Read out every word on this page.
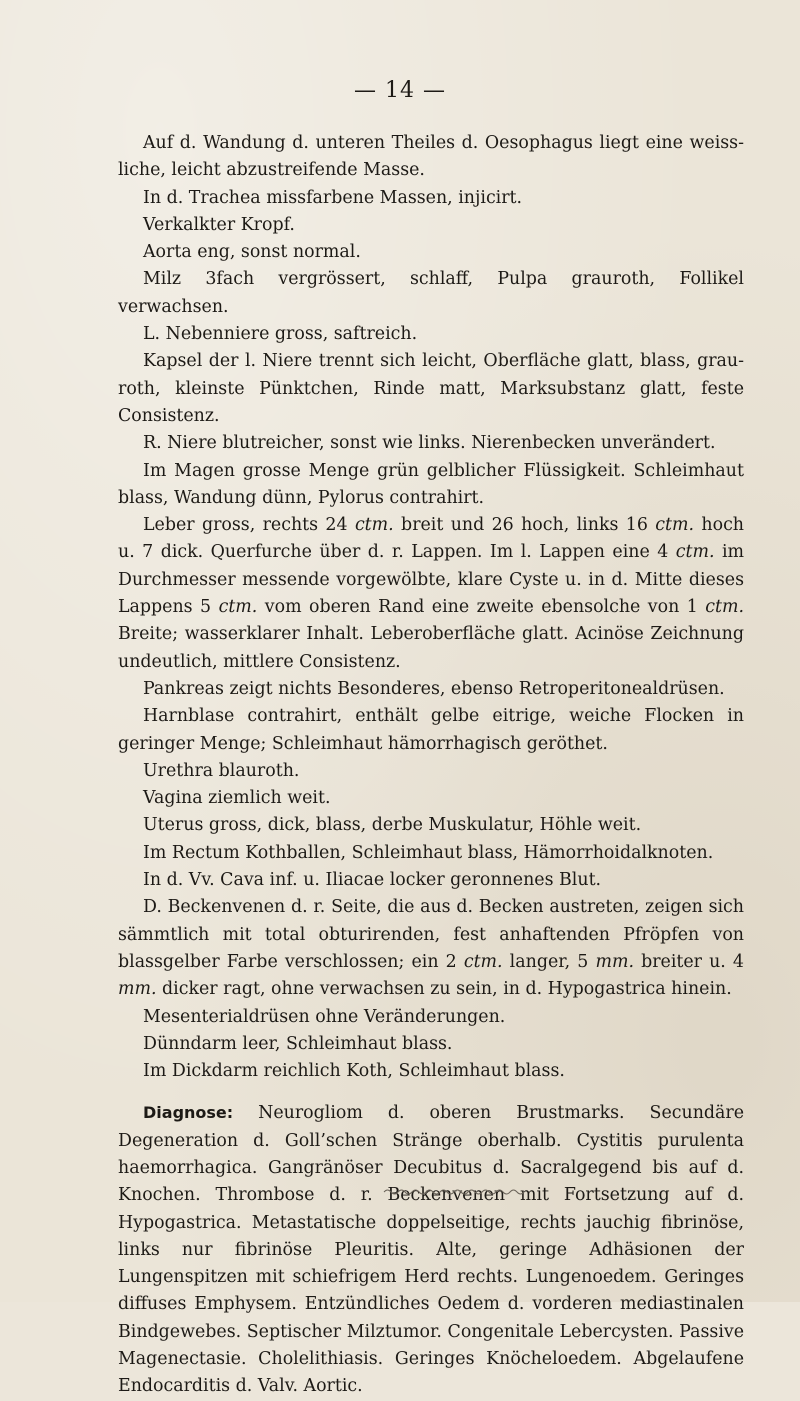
— 14 —

Auf d. Wandung d. unteren Theiles d. Oesophagus liegt eine weissliche, leicht abzustreifende Masse.

In d. Trachea missfarbene Massen, injicirt.

Verkalkter Kropf.

Aorta eng, sonst normal.

Milz 3fach vergrössert, schlaff, Pulpa grauroth, Follikel verwachsen.

L. Nebenniere gross, saftreich.

Kapsel der l. Niere trennt sich leicht, Oberfläche glatt, blass, grauroth, kleinste Pünktchen, Rinde matt, Marksubstanz glatt, feste Consistenz.

R. Niere blutreicher, sonst wie links. Nierenbecken unverändert.

Im Magen grosse Menge grün gelblicher Flüssigkeit. Schleimhaut blass, Wandung dünn, Pylorus contrahirt.

Leber gross, rechts 24 ctm. breit und 26 hoch, links 16 ctm. hoch u. 7 dick. Querfurche über d. r. Lappen. Im l. Lappen eine 4 ctm. im Durchmesser messende vorgewölbte, klare Cyste u. in d. Mitte dieses Lappens 5 ctm. vom oberen Rand eine zweite ebensolche von 1 ctm. Breite; wasserklarer Inhalt. Leberoberfläche glatt. Acinöse Zeichnung undeutlich, mittlere Consistenz.

Pankreas zeigt nichts Besonderes, ebenso Retroperitonealdrüsen.

Harnblase contrahirt, enthält gelbe eitrige, weiche Flocken in geringer Menge; Schleimhaut hämorrhagisch geröthet.

Urethra blauroth.

Vagina ziemlich weit.

Uterus gross, dick, blass, derbe Muskulatur, Höhle weit.

Im Rectum Kothballen, Schleimhaut blass, Hämorrhoidalknoten.

In d. Vv. Cava inf. u. Iliacae locker geronnenes Blut.

D. Beckenvenen d. r. Seite, die aus d. Becken austreten, zeigen sich sämmtlich mit total obturirenden, fest anhaftenden Pfröpfen von blassgelber Farbe verschlossen; ein 2 ctm. langer, 5 mm. breiter u. 4 mm. dicker ragt, ohne verwachsen zu sein, in d. Hypogastrica hinein.

Mesenterialdrüsen ohne Veränderungen.

Dünndarm leer, Schleimhaut blass.

Im Dickdarm reichlich Koth, Schleimhaut blass.

Diagnose: Neurogliom d. oberen Brustmarks. Secundäre Degeneration d. Goll’schen Stränge oberhalb. Cystitis purulenta haemorrhagica. Gangränöser Decubitus d. Sacralgegend bis auf d. Knochen. Thrombose d. r. Beckenvenen mit Fortsetzung auf d. Hypogastrica. Metastatische doppelseitige, rechts jauchig fibrinöse, links nur fibrinöse Pleuritis. Alte, geringe Adhäsionen der Lungenspitzen mit schiefrigem Herd rechts. Lungenoedem. Geringes diffuses Emphysem. Entzündliches Oedem d. vorderen mediastinalen Bindgewebes. Septischer Milztumor. Congenitale Lebercysten. Passive Magenectasie. Cholelithiasis. Geringes Knöcheloedem. Abgelaufene Endocarditis d. Valv. Aortic.
